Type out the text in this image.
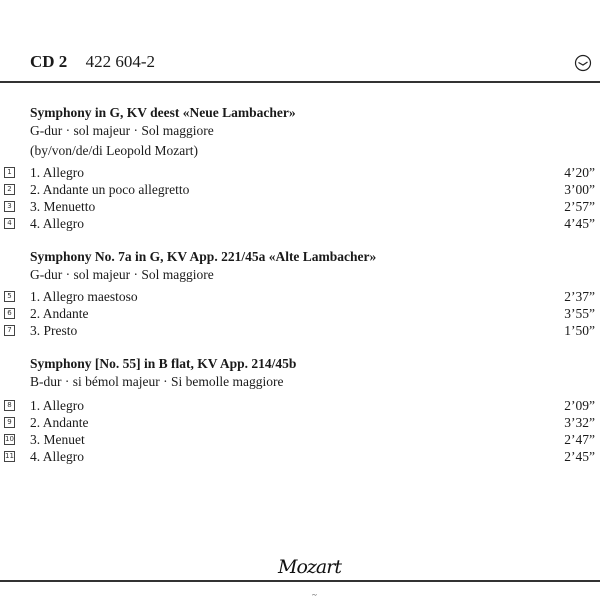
CD 2 422 604-2
Symphony in G, KV deest «Neue Lambacher»
G-dur · sol majeur · Sol maggiore
(by/von/de/di Leopold Mozart)
1 1. Allegro	4’20”
2 2. Andante un poco allegretto	3’00”
3 3. Menuetto	2’57”
4 4. Allegro	4’45”
Symphony No. 7a in G, KV App. 221/45a «Alte Lambacher»
G-dur · sol majeur · Sol maggiore
5 1. Allegro maestoso	2’37”
6 2. Andante	3’55”
7 3. Presto	1’50”
Symphony [No. 55] in B flat, KV App. 214/45b
B-dur · si bémol majeur · Si bemolle maggiore
8 1. Allegro	2’09”
9 2. Andante	3’32”
10 3. Menuet	2’47”
11 4. Allegro	2’45”
Mozart
~
